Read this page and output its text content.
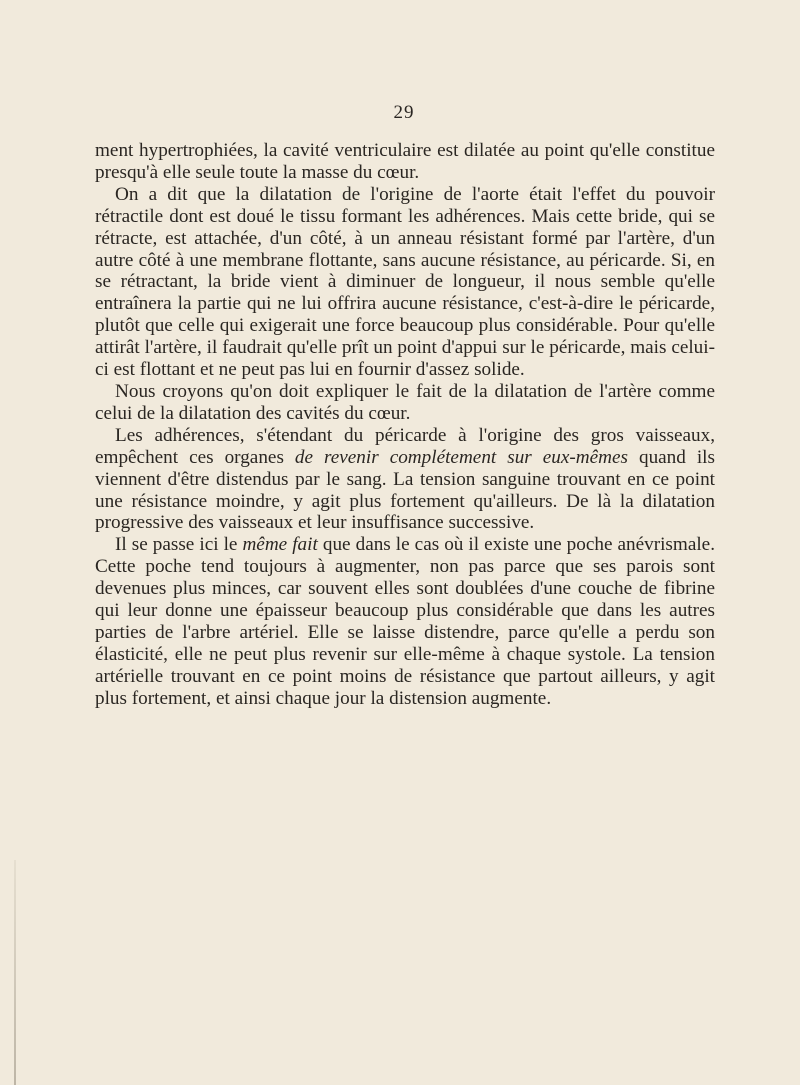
29

ment hypertrophiées, la cavité ventriculaire est dilatée au point qu'elle constitue presqu'à elle seule toute la masse du cœur.

On a dit que la dilatation de l'origine de l'aorte était l'effet du pouvoir rétractile dont est doué le tissu formant les adhérences. Mais cette bride, qui se rétracte, est attachée, d'un côté, à un anneau résistant formé par l'artère, d'un autre côté à une membrane flottante, sans aucune résistance, au péricarde. Si, en se rétractant, la bride vient à diminuer de longueur, il nous semble qu'elle entraînera la partie qui ne lui offrira aucune résistance, c'est-à-dire le péricarde, plutôt que celle qui exigerait une force beaucoup plus considérable. Pour qu'elle attirât l'artère, il faudrait qu'elle prît un point d'appui sur le péricarde, mais celui-ci est flottant et ne peut pas lui en fournir d'assez solide.

Nous croyons qu'on doit expliquer le fait de la dilatation de l'artère comme celui de la dilatation des cavités du cœur.

Les adhérences, s'étendant du péricarde à l'origine des gros vaisseaux, empêchent ces organes de revenir complétement sur eux-mêmes quand ils viennent d'être distendus par le sang. La tension sanguine trouvant en ce point une résistance moindre, y agit plus fortement qu'ailleurs. De là la dilatation progressive des vaisseaux et leur insuffisance successive.

Il se passe ici le même fait que dans le cas où il existe une poche anévrismale. Cette poche tend toujours à augmenter, non pas parce que ses parois sont devenues plus minces, car souvent elles sont doublées d'une couche de fibrine qui leur donne une épaisseur beaucoup plus considérable que dans les autres parties de l'arbre artériel. Elle se laisse distendre, parce qu'elle a perdu son élasticité, elle ne peut plus revenir sur elle-même à chaque systole. La tension artérielle trouvant en ce point moins de résistance que partout ailleurs, y agit plus fortement, et ainsi chaque jour la distension augmente.
